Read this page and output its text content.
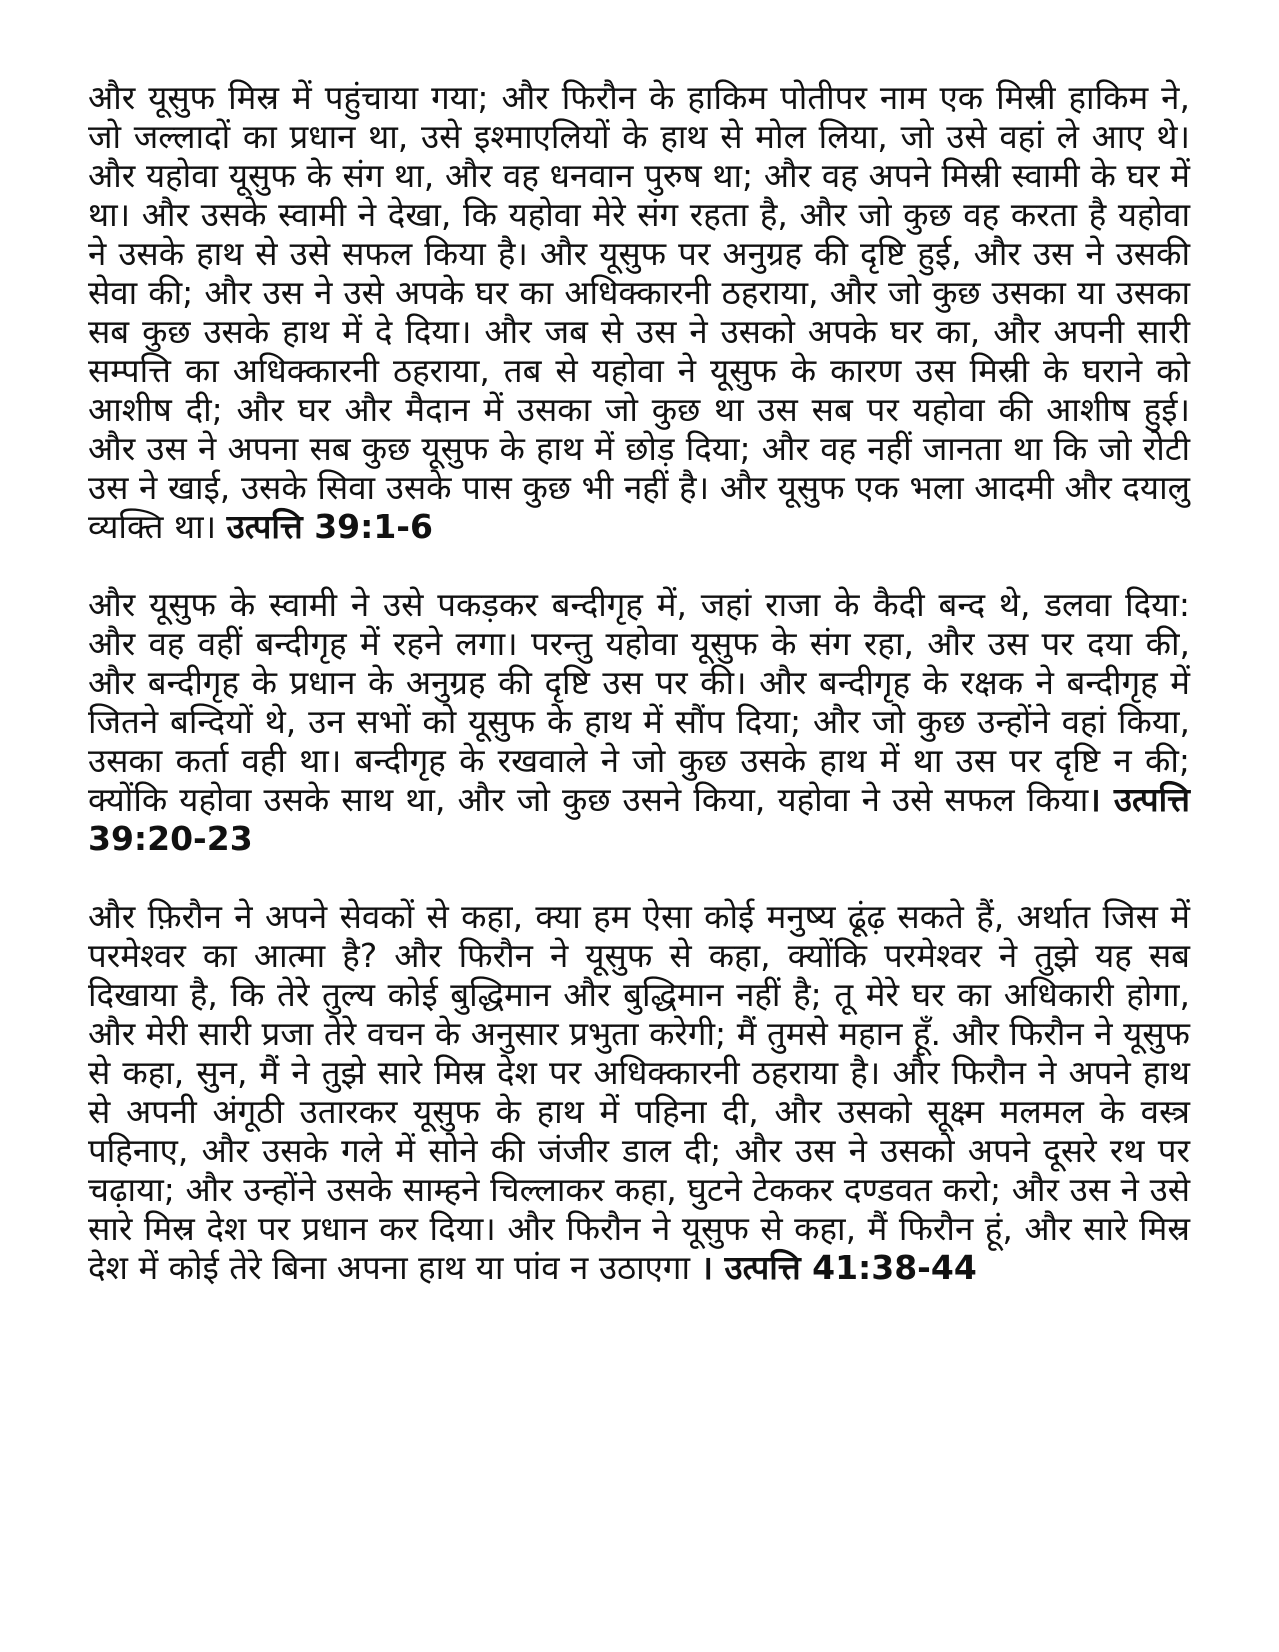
और यूसुफ मिस्र में पहुंचाया गया; और फिरौन के हाकिम पोतीपर नाम एक मिस्री हाकिम ने, जो जल्लादों का प्रधान था, उसे इश्माएलियों के हाथ से मोल लिया, जो उसे वहां ले आए थे। और यहोवा यूसुफ के संग था, और वह धनवान पुरुष था; और वह अपने मिस्री स्वामी के घर में था। और उसके स्वामी ने देखा, कि यहोवा मेरे संग रहता है, और जो कुछ वह करता है यहोवा ने उसके हाथ से उसे सफल किया है। और यूसुफ पर अनुग्रह की दृष्टि हुई, और उस ने उसकी सेवा की; और उस ने उसे अपके घर का अधिक्कारनी ठहराया, और जो कुछ उसका या उसका सब कुछ उसके हाथ में दे दिया। और जब से उस ने उसको अपके घर का, और अपनी सारी सम्पत्ति का अधिक्कारनी ठहराया, तब से यहोवा ने यूसुफ के कारण उस मिस्री के घराने को आशीष दी; और घर और मैदान में उसका जो कुछ था उस सब पर यहोवा की आशीष हुई। और उस ने अपना सब कुछ यूसुफ के हाथ में छोड़ दिया; और वह नहीं जानता था कि जो रोटी उस ने खाई, उसके सिवा उसके पास कुछ भी नहीं है। और यूसुफ एक भला आदमी और दयालु व्यक्ति था। उत्पत्ति 39:1-6

और यूसुफ के स्वामी ने उसे पकड़कर बन्दीगृह में, जहां राजा के कैदी बन्द थे, डलवा दिया: और वह वहीं बन्दीगृह में रहने लगा। परन्तु यहोवा यूसुफ के संग रहा, और उस पर दया की, और बन्दीगृह के प्रधान के अनुग्रह की दृष्टि उस पर की। और बन्दीगृह के रक्षक ने बन्दीगृह में जितने बन्दियों थे, उन सभों को यूसुफ के हाथ में सौंप दिया; और जो कुछ उन्होंने वहां किया, उसका कर्ता वही था। बन्दीगृह के रखवाले ने जो कुछ उसके हाथ में था उस पर दृष्टि न की; क्योंकि यहोवा उसके साथ था, और जो कुछ उसने किया, यहोवा ने उसे सफल किया। उत्पत्ति 39:20-23

और फ़िरौन ने अपने सेवकों से कहा, क्या हम ऐसा कोई मनुष्य ढूंढ़ सकते हैं, अर्थात जिस में परमेश्वर का आत्मा है? और फिरौन ने यूसुफ से कहा, क्योंकि परमेश्वर ने तुझे यह सब दिखाया है, कि तेरे तुल्य कोई बुद्धिमान और बुद्धिमान नहीं है; तू मेरे घर का अधिकारी होगा, और मेरी सारी प्रजा तेरे वचन के अनुसार प्रभुता करेगी; मैं तुमसे महान हूँ. और फिरौन ने यूसुफ से कहा, सुन, मैं ने तुझे सारे मिस्र देश पर अधिक्कारनी ठहराया है। और फिरौन ने अपने हाथ से अपनी अंगूठी उतारकर यूसुफ के हाथ में पहिना दी, और उसको सूक्ष्म मलमल के वस्त्र पहिनाए, और उसके गले में सोने की जंजीर डाल दी; और उस ने उसको अपने दूसरे रथ पर चढ़ाया; और उन्होंने उसके साम्हने चिल्लाकर कहा, घुटने टेककर दण्डवत करो; और उस ने उसे सारे मिस्र देश पर प्रधान कर दिया। और फिरौन ने यूसुफ से कहा, मैं फिरौन हूं, और सारे मिस्र देश में कोई तेरे बिना अपना हाथ या पांव न उठाएगा । उत्पत्ति 41:38-44
